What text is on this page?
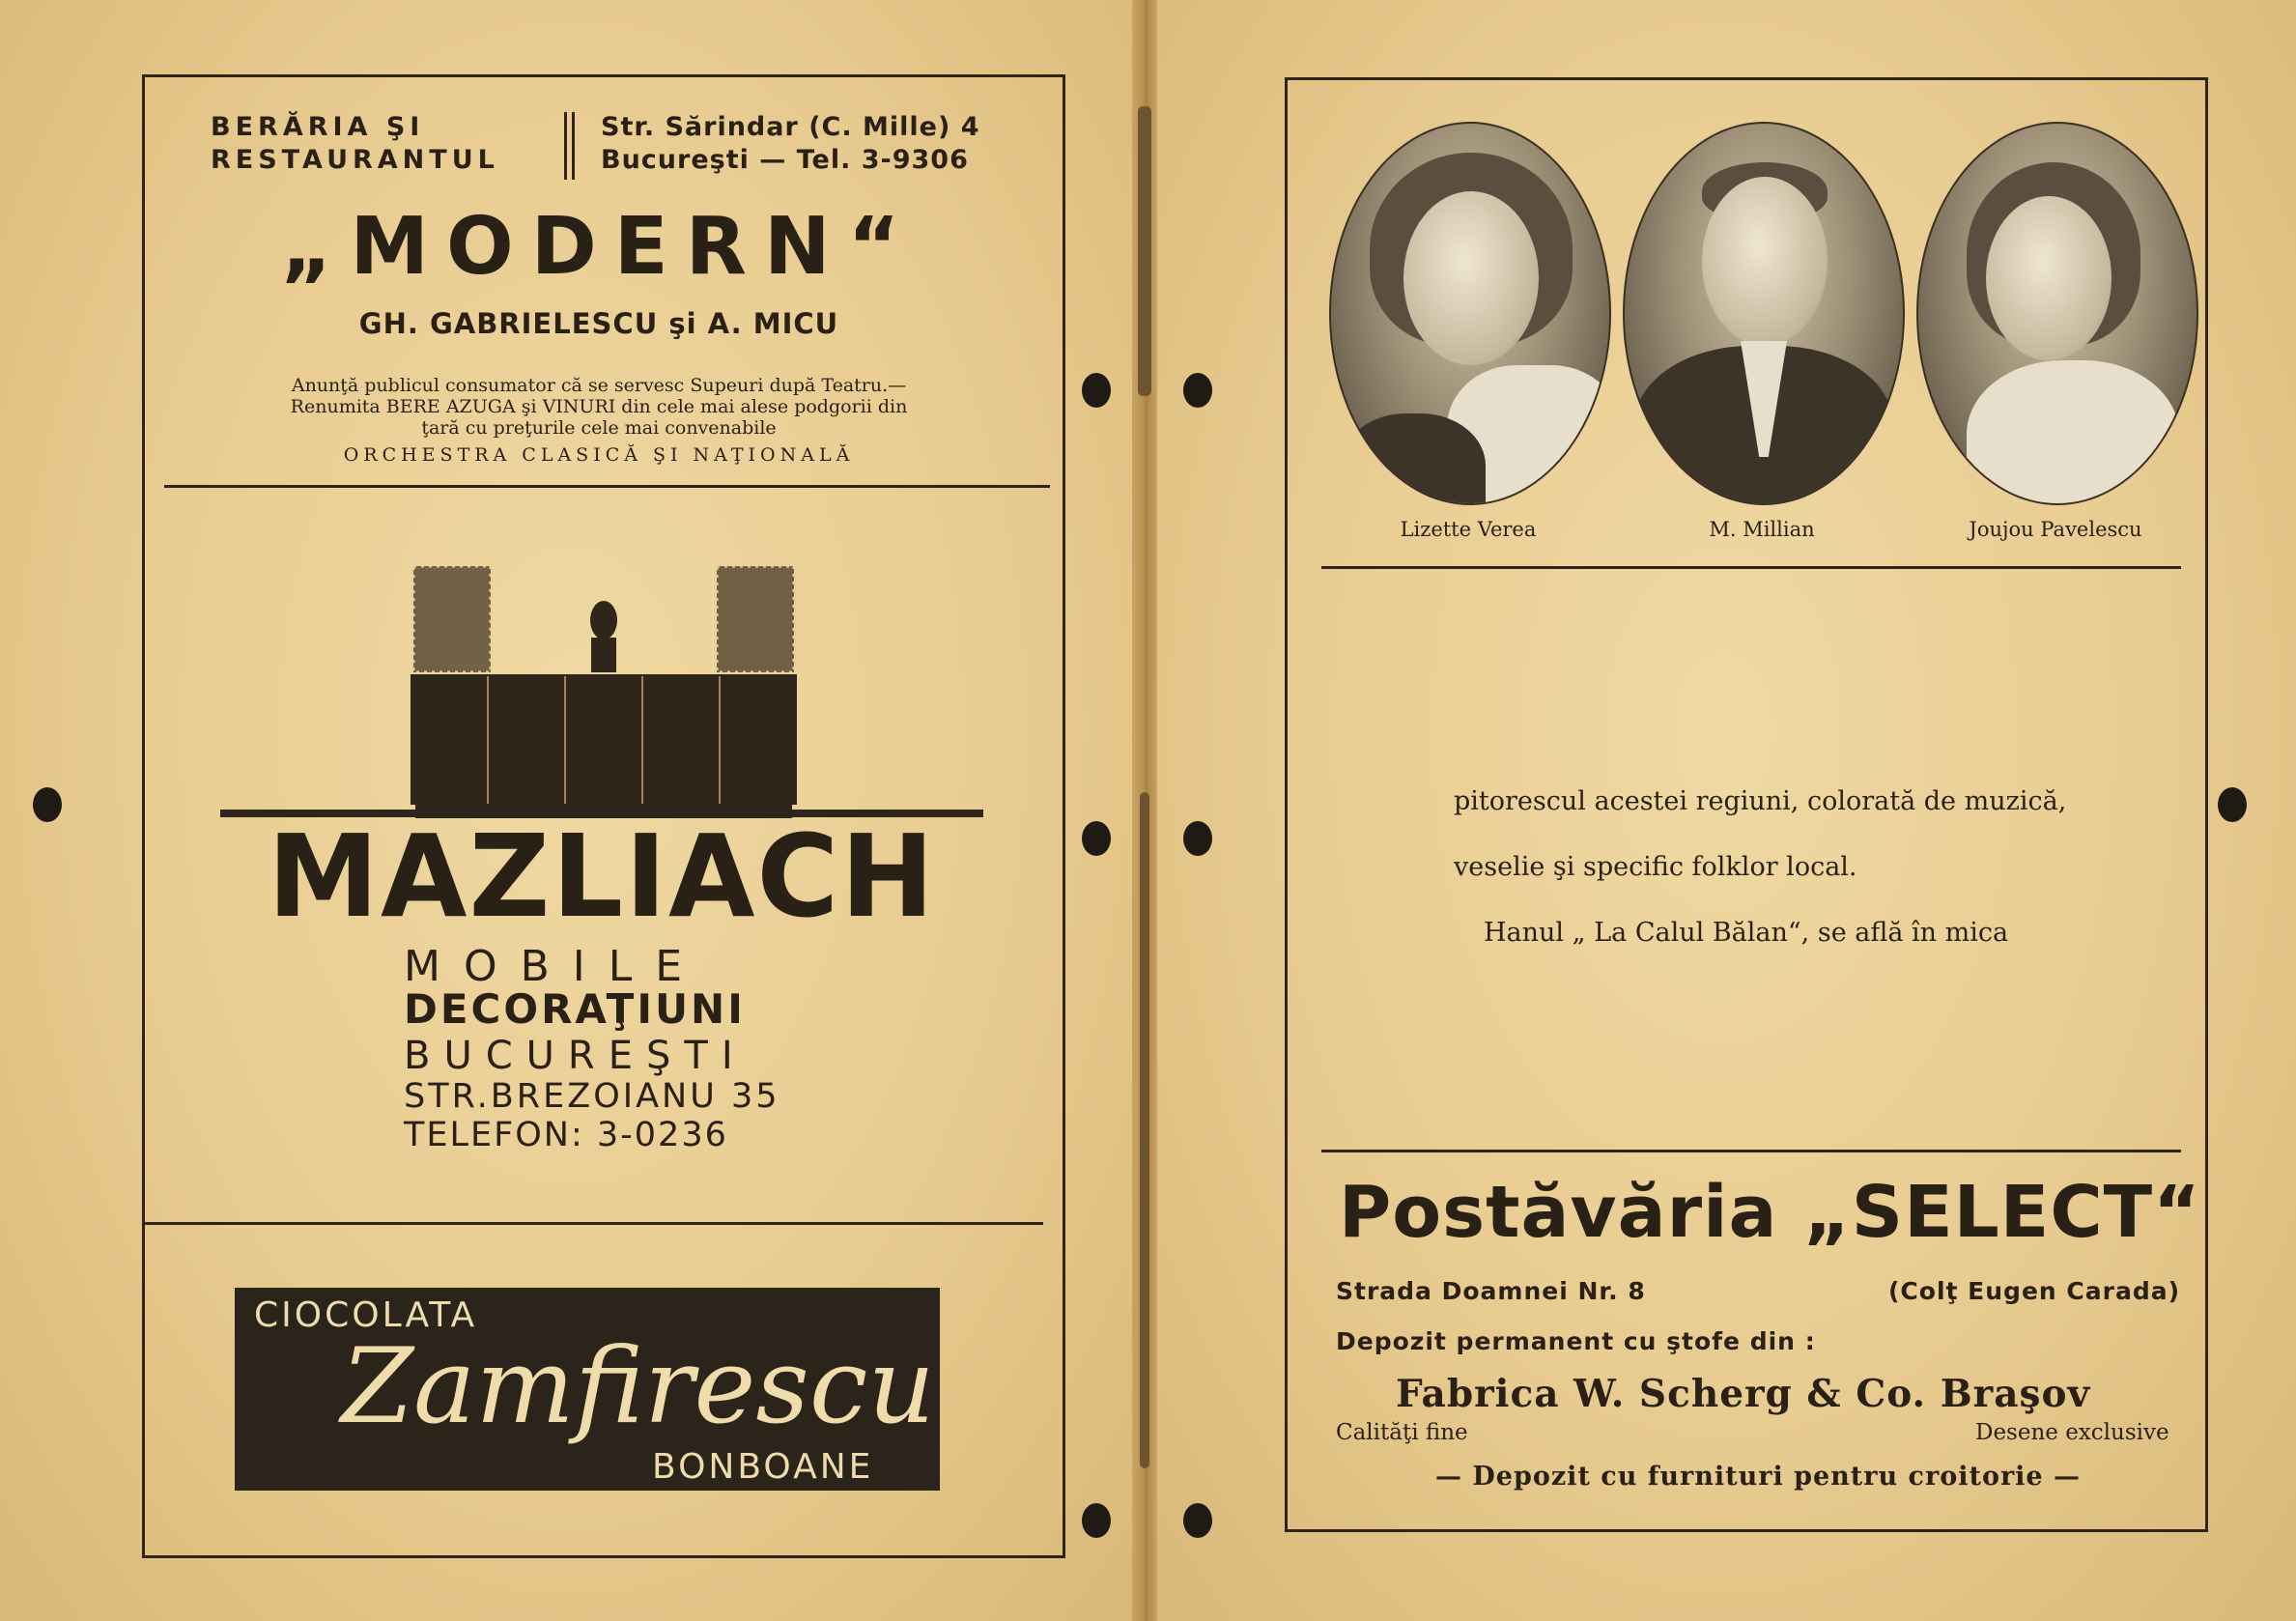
BERĂRIA ŞI
RESTAURANTUL
Str. Sărindar (C. Mille) 4
Bucureşti — Tel. 3-9306
„MODERN“
GH. GABRIELESCU şi A. MICU
Anunţă publicul consumator că se servesc Supeuri după Teatru.—
Renumita BERE AZUGA şi VINURI din cele mai alese podgorii din
ţară cu preţurile cele mai convenabile
ORCHESTRA CLASICĂ ŞI NAŢIONALĂ
MAZLIACH
MOBILE
DECORAŢIUNI
BUCUREŞTI
STR.BREZOIANU 35
TELEFON: 3-0236
CIOCOLATA
Zamfirescu
BONBOANE
Lizette Verea	M. Millian	Joujou Pavelescu
pitorescul acestei regiuni, colorată de muzică,
veselie şi specific folklor local.
Hanul „ La Calul Bălan“, se află în mica
Postăvăria „SELECT“
Strada Doamnei Nr. 8	(Colţ Eugen Carada)
Depozit permanent cu ştofe din :
Fabrica W. Scherg & Co. Braşov
Calităţi fine	Desene exclusive
— Depozit cu furnituri pentru croitorie —
